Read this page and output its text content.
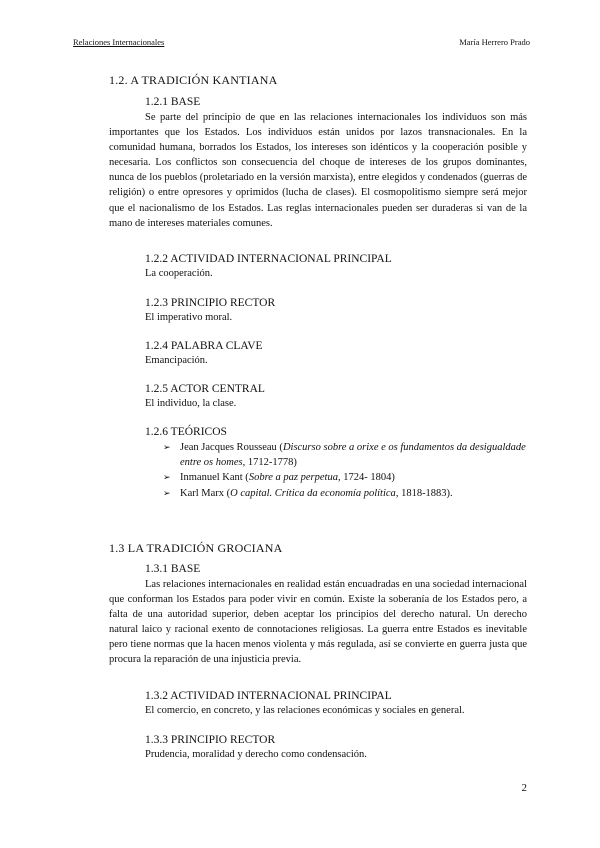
Relaciones Internacionales	María Herrero Prado
1.2. A TRADICIÓN KANTIANA
1.2.1 BASE

Se parte del principio de que en las relaciones internacionales los individuos son más importantes que los Estados. Los individuos están unidos por lazos transnacionales. En la comunidad humana, borrados los Estados, los intereses son idénticos y la cooperación posible y necesaria. Los conflictos son consecuencia del choque de intereses de los grupos dominantes, nunca de los pueblos (proletariado en la versión marxista), entre elegidos y condenados (guerras de religión) o entre opresores y oprimidos (lucha de clases). El cosmopolitismo siempre será mejor que el nacionalismo de los Estados. Las reglas internacionales pueden ser duraderas si van de la mano de intereses materiales comunes.

1.2.2 ACTIVIDAD INTERNACIONAL PRINCIPAL
La cooperación.
1.2.3 PRINCIPIO RECTOR
El imperativo moral.
1.2.4 PALABRA CLAVE
Emancipación.
1.2.5 ACTOR CENTRAL
El individuo, la clase.
1.2.6 TEÓRICOS
➢ Jean Jacques Rousseau (Discurso sobre a orixe e os fundamentos da desigualdade entre os homes, 1712-1778)
➢ Inmanuel Kant (Sobre a paz perpetua, 1724- 1804)
➢ Karl Marx (O capital. Crítica da economía política, 1818-1883).
1.3 LA TRADICIÓN GROCIANA
1.3.1 BASE

Las relaciones internacionales en realidad están encuadradas en una sociedad internacional que conforman los Estados para poder vivir en común. Existe la soberanía de los Estados pero, a falta de una autoridad superior, deben aceptar los principios del derecho natural. Un derecho natural laico y racional exento de connotaciones religiosas. La guerra entre Estados es inevitable pero tiene normas que la hacen menos violenta y más regulada, así se convierte en guerra justa que procura la reparación de una injusticia previa.

1.3.2 ACTIVIDAD INTERNACIONAL PRINCIPAL
El comercio, en concreto, y las relaciones económicas y sociales en general.
1.3.3 PRINCIPIO RECTOR
Prudencia, moralidad y derecho como condensación.
2
